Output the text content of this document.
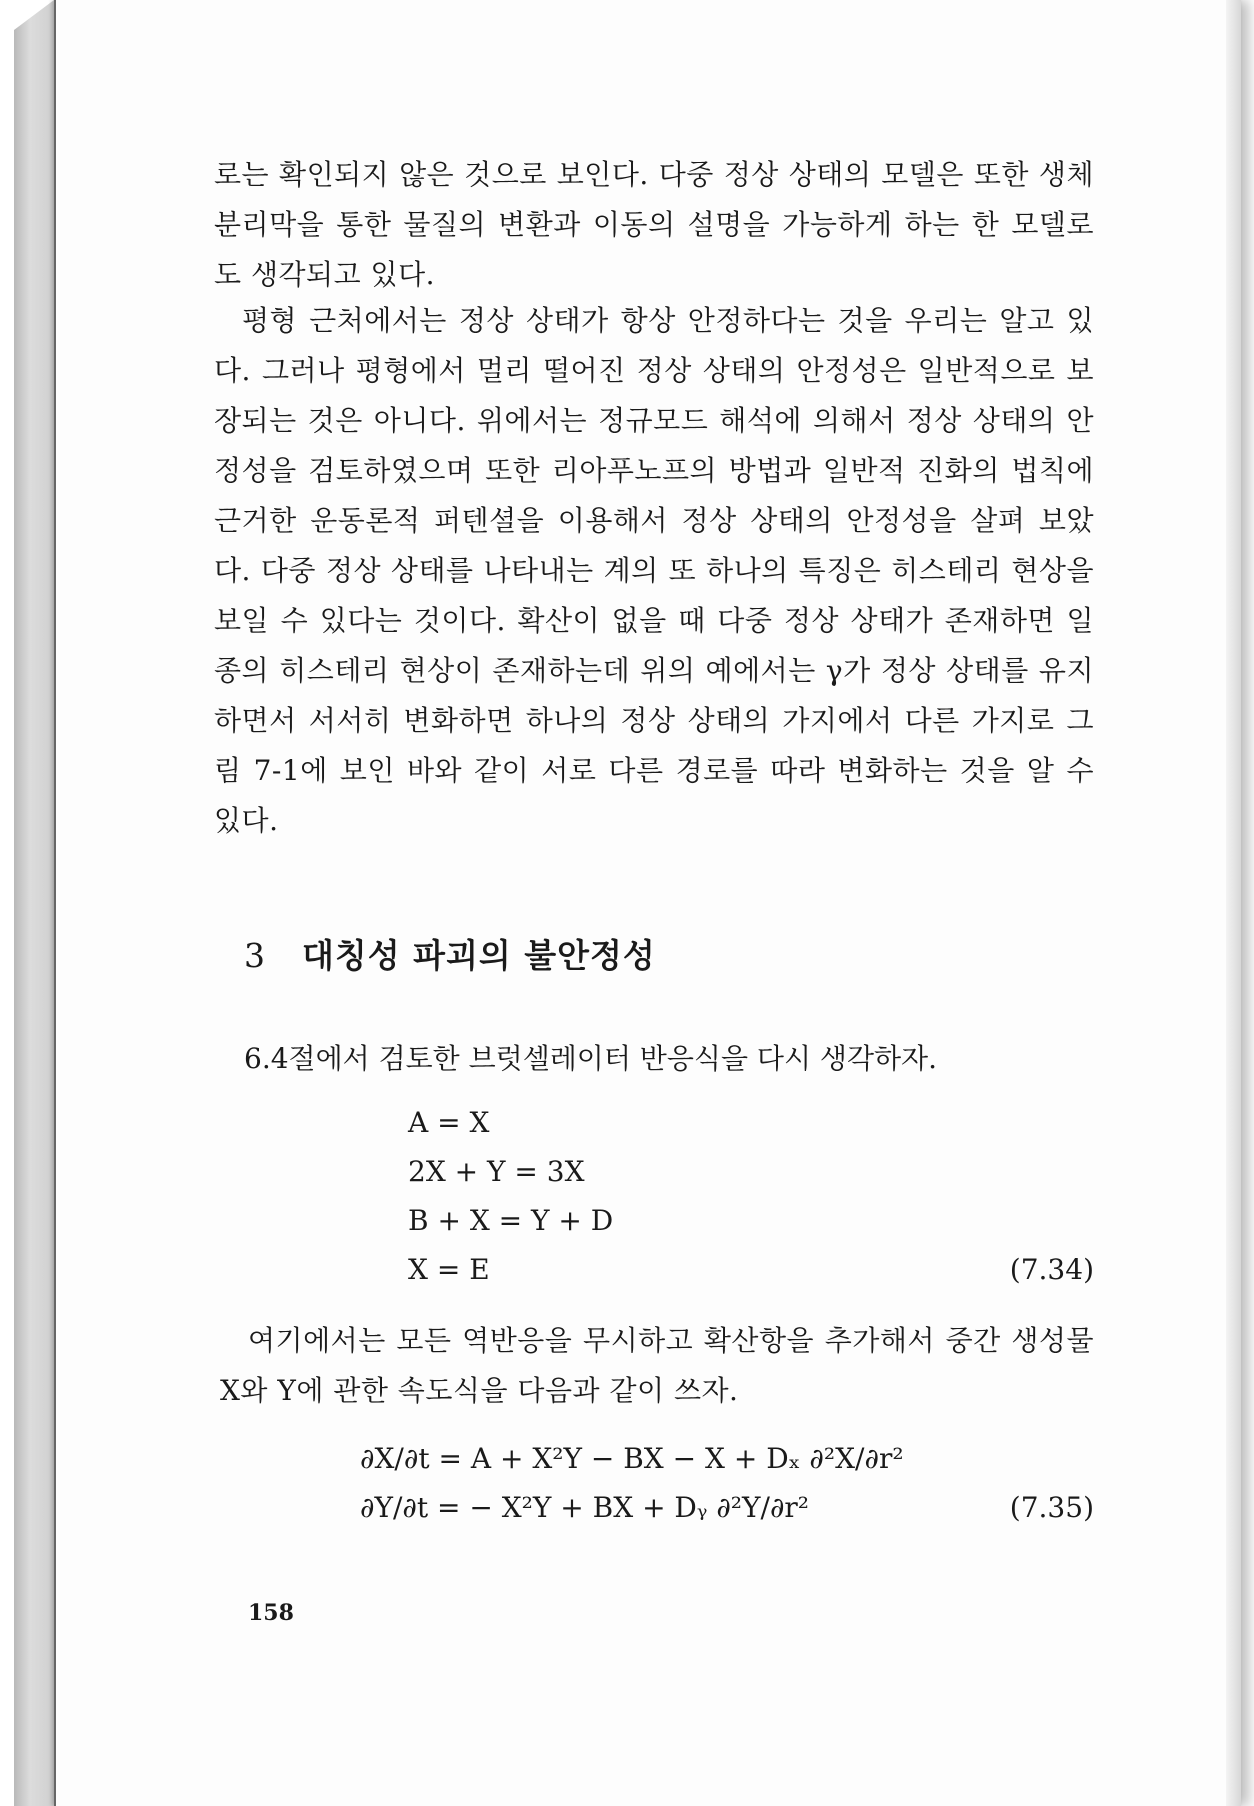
로는 확인되지 않은 것으로 보인다. 다중 정상 상태의 모델은 또한 생체 분리막을 통한 물질의 변환과 이동의 설명을 가능하게 하는 한 모델로도 생각되고 있다.

평형 근처에서는 정상 상태가 항상 안정하다는 것을 우리는 알고 있다. 그러나 평형에서 멀리 떨어진 정상 상태의 안정성은 일반적으로 보장되는 것은 아니다. 위에서는 정규모드 해석에 의해서 정상 상태의 안정성을 검토하였으며 또한 리아푸노프의 방법과 일반적 진화의 법칙에 근거한 운동론적 퍼텐셜을 이용해서 정상 상태의 안정성을 살펴 보았다. 다중 정상 상태를 나타내는 계의 또 하나의 특징은 히스테리 현상을 보일 수 있다는 것이다. 확산이 없을 때 다중 정상 상태가 존재하면 일종의 히스테리 현상이 존재하는데 위의 예에서는 γ가 정상 상태를 유지하면서 서서히 변화하면 하나의 정상 상태의 가지에서 다른 가지로 그림 7-1에 보인 바와 같이 서로 다른 경로를 따라 변화하는 것을 알 수 있다.

3 대칭성 파괴의 불안정성

6.4절에서 검토한 브럿셀레이터 반응식을 다시 생각하자.

A = X
2X + Y = 3X
B + X = Y + D
X = E	(7.34)

여기에서는 모든 역반응을 무시하고 확산항을 추가해서 중간 생성물 X와 Y에 관한 속도식을 다음과 같이 쓰자.

∂X/∂t = A + X²Y − BX − X + Dₓ ∂²X/∂r²
∂Y/∂t = − X²Y + BX + Dᵧ ∂²Y/∂r²	(7.35)
158
